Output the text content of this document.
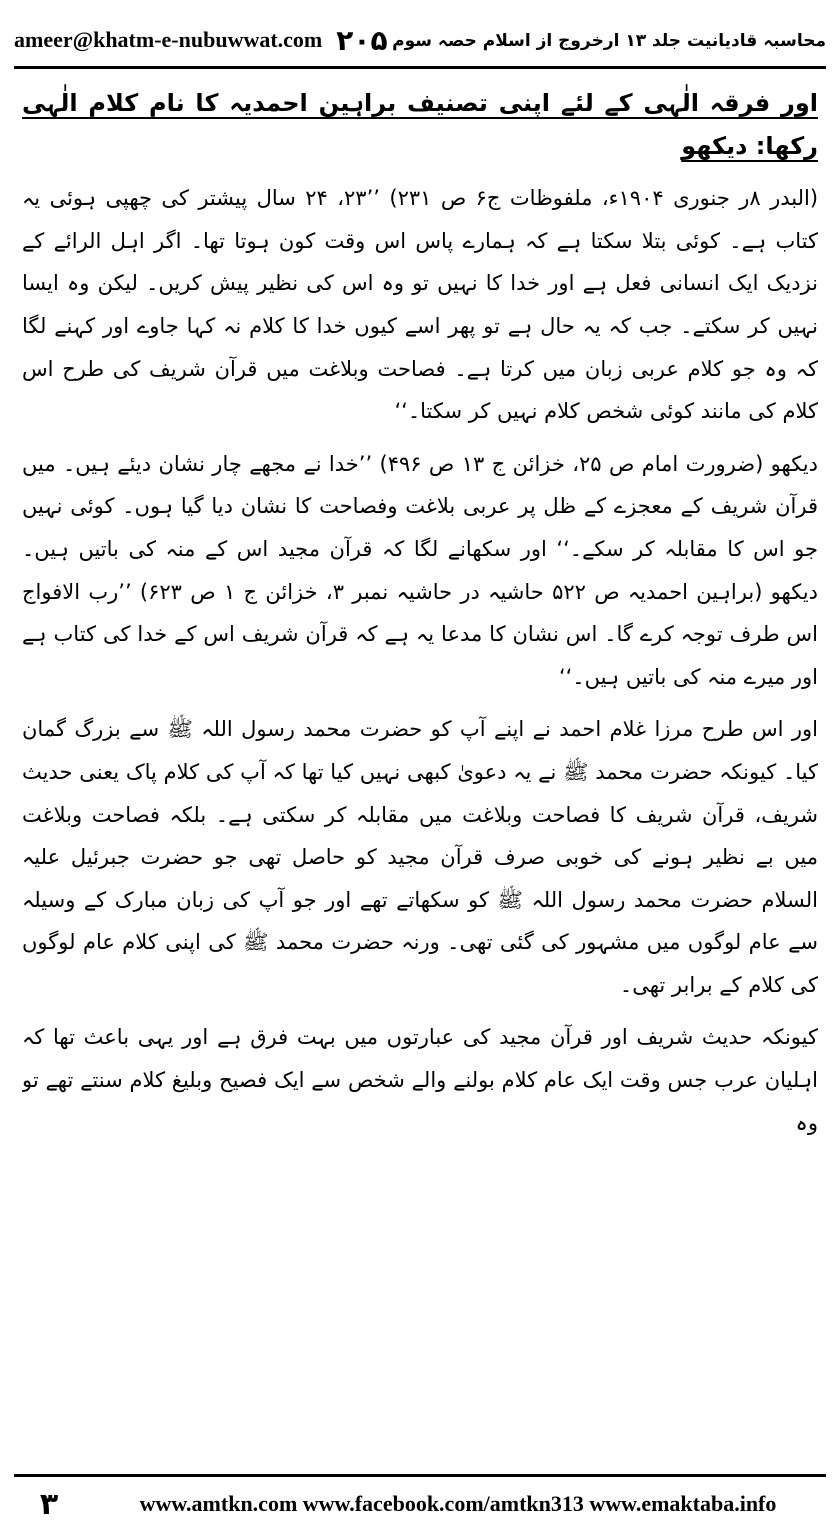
ameer@khatm-e-nubuwwat.com ۲۰۵ محاسبہ قادیانیت جلد ۱۳ ارخروج از اسلام حصہ سوم

اور فرقہ الٰہی کے لئے اپنی تصنیف براہین احمدیہ کا نام کلام الٰہی رکھا: دیکھو

(البدر ۸ر جنوری ۱۹۰۴ء، ملفوظات ج۶ ص ۲۳۱) ’’۲۳، ۲۴ سال پیشتر کی چھپی ہوئی یہ کتاب ہے۔ کوئی بتلا سکتا ہے کہ ہمارے پاس اس وقت کون ہوتا تھا۔ اگر اہل الرائے کے نزدیک ایک انسانی فعل ہے اور خدا کا نہیں تو وہ اس کی نظیر پیش کریں۔ لیکن وہ ایسا نہیں کر سکتے۔ جب کہ یہ حال ہے تو پھر اسے کیوں خدا کا کلام نہ کہا جاوے اور کہنے لگا کہ وہ جو کلام عربی زبان میں کرتا ہے۔ فصاحت وبلاغت میں قرآن شریف کی طرح اس کلام کی مانند کوئی شخص کلام نہیں کر سکتا۔‘‘

دیکھو (ضرورت امام ص ۲۵، خزائن ج ۱۳ ص ۴۹۶) ’’خدا نے مجھے چار نشان دیئے ہیں۔ میں قرآن شریف کے معجزے کے ظل پر عربی بلاغت وفصاحت کا نشان دیا گیا ہوں۔ کوئی نہیں جو اس کا مقابلہ کر سکے۔‘‘ اور سکھانے لگا کہ قرآن مجید اس کے منہ کی باتیں ہیں۔ دیکھو (براہین احمدیہ ص ۵۲۲ حاشیہ در حاشیہ نمبر ۳، خزائن ج ۱ ص ۶۲۳) ’’رب الافواج اس طرف توجہ کرے گا۔ اس نشان کا مدعا یہ ہے کہ قرآن شریف اس کے خدا کی کتاب ہے اور میرے منہ کی باتیں ہیں۔‘‘

اور اس طرح مرزا غلام احمد نے اپنے آپ کو حضرت محمد رسول اللہ ﷺ سے بزرگ گمان کیا۔ کیونکہ حضرت محمد ﷺ نے یہ دعویٰ کبھی نہیں کیا تھا کہ آپ کی کلام پاک یعنی حدیث شریف، قرآن شریف کا فصاحت وبلاغت میں مقابلہ کر سکتی ہے۔ بلکہ فصاحت وبلاغت میں بے نظیر ہونے کی خوبی صرف قرآن مجید کو حاصل تھی جو حضرت جبرئیل علیہ السلام حضرت محمد رسول اللہ ﷺ کو سکھاتے تھے اور جو آپ کی زبان مبارک کے وسیلہ سے عام لوگوں میں مشہور کی گئی تھی۔ ورنہ حضرت محمد ﷺ کی اپنی کلام عام لوگوں کی کلام کے برابر تھی۔

کیونکہ حدیث شریف اور قرآن مجید کی عبارتوں میں بہت فرق ہے اور یہی باعث تھا کہ اہلیان عرب جس وقت ایک عام کلام بولنے والے شخص سے ایک فصیح وبلیغ کلام سنتے تھے تو وہ

۳	www.amtkn.com www.facebook.com/amtkn313 www.emaktaba.info
